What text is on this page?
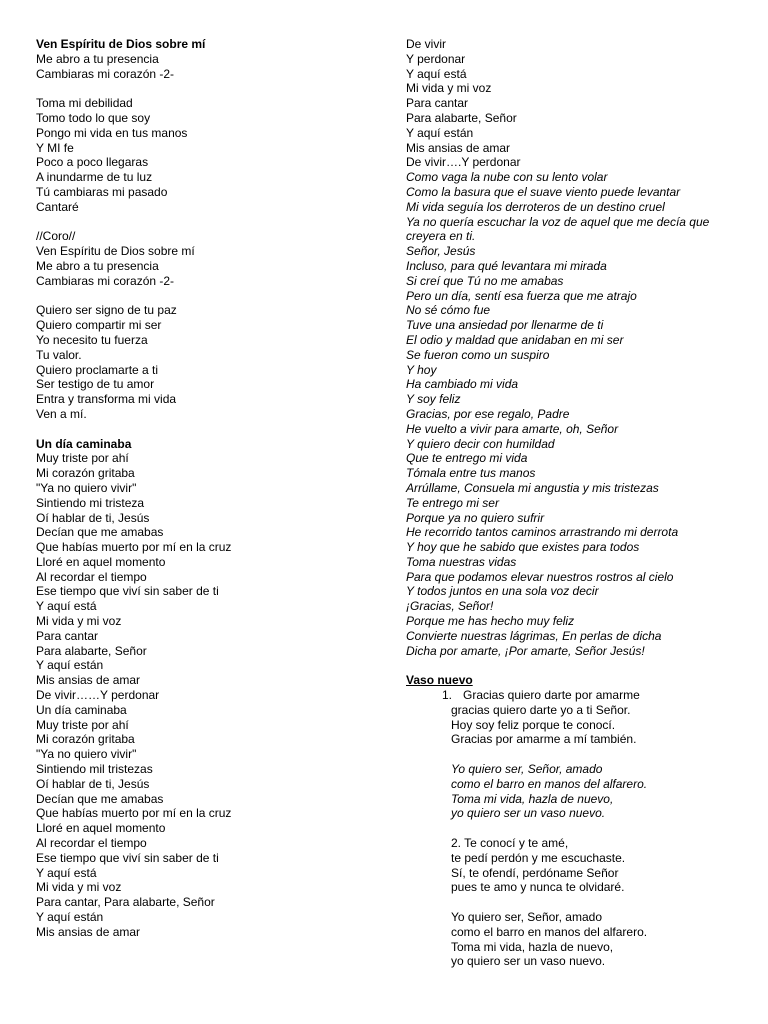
Ven Espíritu de Dios sobre mí
Me abro a tu presencia
Cambiaras mi corazón -2-
Toma mi debilidad
Tomo todo lo que soy
Pongo mi vida en tus manos
Y MI fe
Poco a poco llegaras
A inundarme de tu luz
Tú cambiaras mi pasado
Cantaré
//Coro//
Ven Espíritu de Dios sobre mí
Me abro a tu presencia
Cambiaras mi corazón -2-
Quiero ser signo de tu paz
Quiero compartir mi ser
Yo necesito tu fuerza
Tu valor.
Quiero proclamarte a ti
Ser testigo de tu amor
Entra y transforma mi vida
Ven a mí.
Un día caminaba
Muy triste por ahí
Mi corazón gritaba
"Ya no quiero vivir"
Sintiendo mi tristeza
Oí hablar de ti, Jesús
Decían que me amabas
Que habías muerto por mí en la cruz
Lloré en aquel momento
Al recordar el tiempo
Ese tiempo que viví sin saber de ti
Y aquí está
Mi vida y mi voz
Para cantar
Para alabarte, Señor
Y aquí están
Mis ansias de amar
De vivir……Y perdonar
Un día caminaba
Muy triste por ahí
Mi corazón gritaba
"Ya no quiero vivir"
Sintiendo mil tristezas
Oí hablar de ti, Jesús
Decían que me amabas
Que habías muerto por mí en la cruz
Lloré en aquel momento
Al recordar el tiempo
Ese tiempo que viví sin saber de ti
Y aquí está
Mi vida y mi voz
Para cantar, Para alabarte, Señor
Y aquí están
Mis ansias de amar
De vivir
Y perdonar
Y aquí está
Mi vida y mi voz
Para cantar
Para alabarte, Señor
Y aquí están
Mis ansias de amar
De vivir….Y perdonar
Como vaga la nube con su lento volar
Como la basura que el suave viento puede levantar
Mi vida seguía los derroteros de un destino cruel
Ya no quería escuchar la voz de aquel que me decía que creyera en ti.
Señor, Jesús
Incluso, para qué levantara mi mirada
Si creí que Tú no me amabas
Pero un día, sentí esa fuerza que me atrajo
No sé cómo fue
Tuve una ansiedad por llenarme de ti
El odio y maldad que anidaban en mi ser
Se fueron como un suspiro
Y hoy
Ha cambiado mi vida
Y soy feliz
Gracias, por ese regalo, Padre
He vuelto a vivir para amarte, oh, Señor
Y quiero decir con humildad
Que te entrego mi vida
Tómala entre tus manos
Arrúllame, Consuela mi angustia y mis tristezas
Te entrego mi ser
Porque ya no quiero sufrir
He recorrido tantos caminos arrastrando mi derrota
Y hoy que he sabido que existes para todos
Toma nuestras vidas
Para que podamos elevar nuestros rostros al cielo
Y todos juntos en una sola voz decir
¡Gracias, Señor!
Porque me has hecho muy feliz
Convierte nuestras lágrimas, En perlas de dicha
Dicha por amarte, ¡Por amarte, Señor Jesús!
Vaso nuevo
1. Gracias quiero darte por amarme
gracias quiero darte yo a ti Señor.
Hoy soy feliz porque te conocí.
Gracias por amarme a mí también.
Yo quiero ser, Señor, amado
como el barro en manos del alfarero.
Toma mi vida, hazla de nuevo,
yo quiero ser un vaso nuevo.
2. Te conocí y te amé,
te pedí perdón y me escuchaste.
Sí, te ofendí, perdóname Señor
pues te amo y nunca te olvidaré.
Yo quiero ser, Señor, amado
como el barro en manos del alfarero.
Toma mi vida, hazla de nuevo,
yo quiero ser un vaso nuevo.
